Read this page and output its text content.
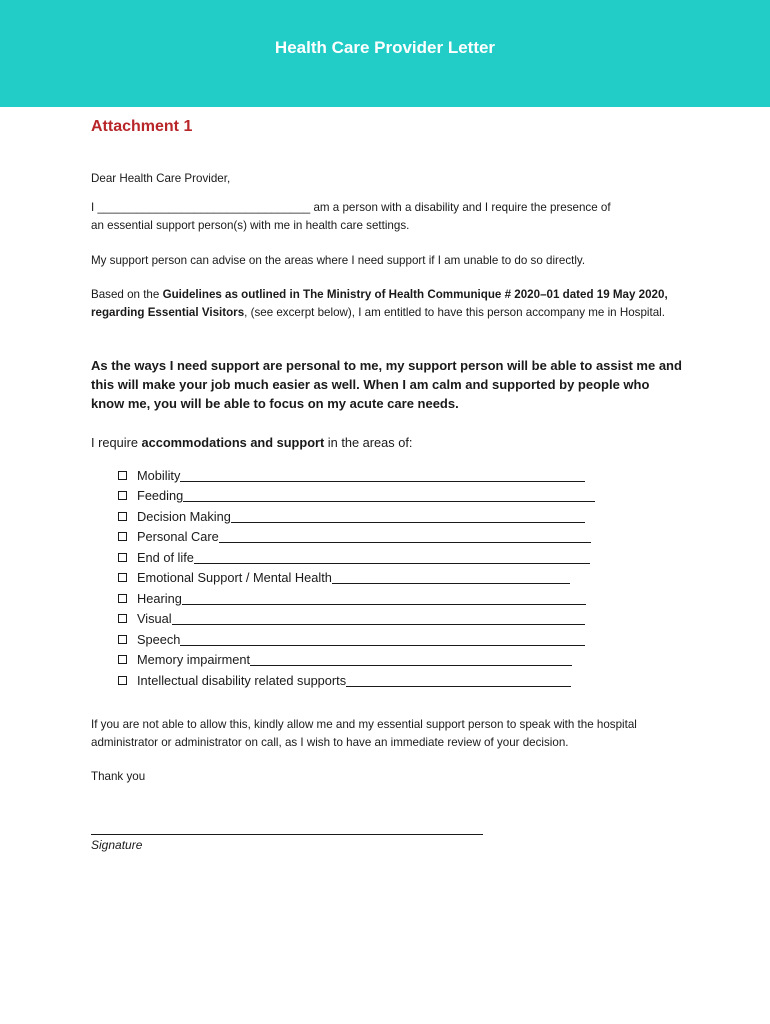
Health Care Provider Letter
Attachment 1

Dear Health Care Provider,

I _________________________________ am a person with a disability and I require the presence of
an essential support person(s) with me in health care settings.

My support person can advise on the areas where I need support if I am unable to do so directly.

Based on the Guidelines as outlined in The Ministry of Health Communique # 2020–01 dated 19 May 2020, regarding Essential Visitors, (see excerpt below), I am entitled to have this person accompany me in Hospital.

As the ways I need support are personal to me, my support person will be able to assist me and this will make your job much easier as well. When I am calm and supported by people who know me, you will be able to focus on my acute care needs.
I require accommodations and support in the areas of:
Mobility
Feeding
Decision Making
Personal Care
End of life
Emotional Support / Mental Health
Hearing
Visual
Speech
Memory impairment
Intellectual disability related supports

If you are not able to allow this, kindly allow me and my essential support person to speak with the hospital administrator or administrator on call, as I wish to have an immediate review of your decision.

Thank you

Signature
